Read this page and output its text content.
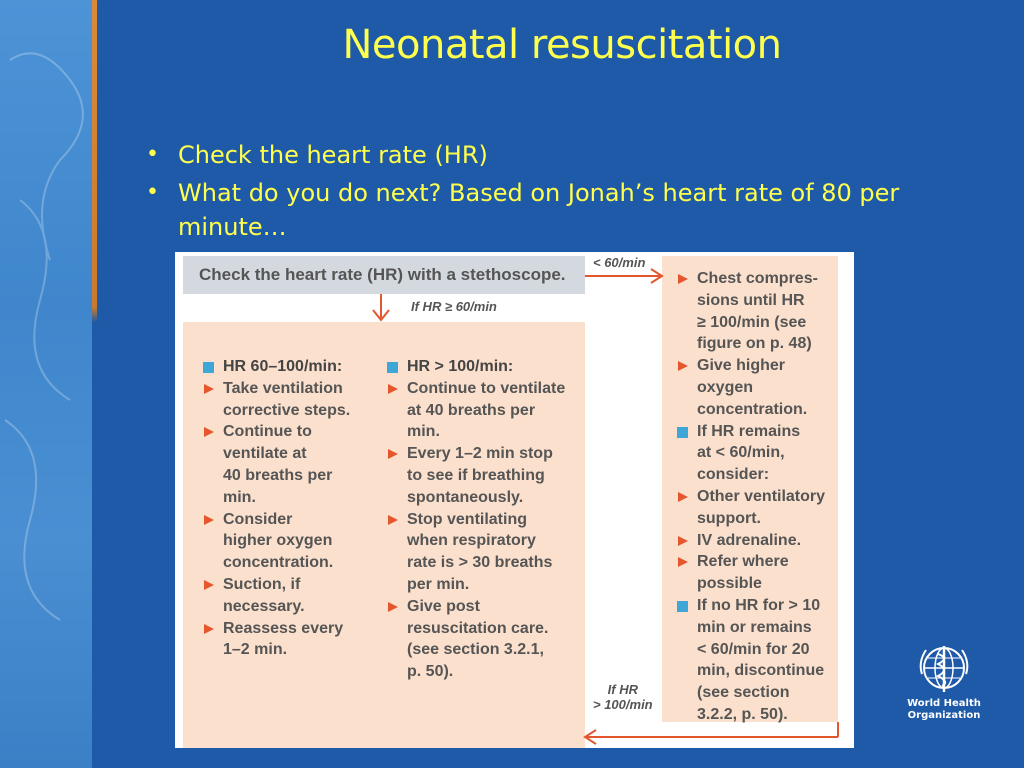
Neonatal resuscitation
• Check the heart rate (HR)
• What do you do next? Based on Jonah’s heart rate of 80 per minute…
Check the heart rate (HR) with a stethoscope.
< 60/min
If HR ≥ 60/min
If HR
> 100/min
HR 60–100/min:
Take ventilation
corrective steps.
Continue to
ventilate at
40 breaths per
min.
Consider
higher oxygen
concentration.
Suction, if
necessary.
Reassess every
1–2 min.
HR > 100/min:
Continue to ventilate
at 40 breaths per
min.
Every 1–2 min stop
to see if breathing
spontaneously.
Stop ventilating
when respiratory
rate is > 30 breaths
per min.
Give post
resuscitation care.
(see section 3.2.1,
p. 50).
Chest compres-
sions until HR
≥ 100/min (see
figure on p. 48)
Give higher
oxygen
concentration.
If HR remains
at < 60/min,
consider:
Other ventilatory
support.
IV adrenaline.
Refer where
possible
If no HR for > 10
min or remains
< 60/min for 20
min, discontinue
(see section
3.2.2, p. 50).
World Health
Organization
